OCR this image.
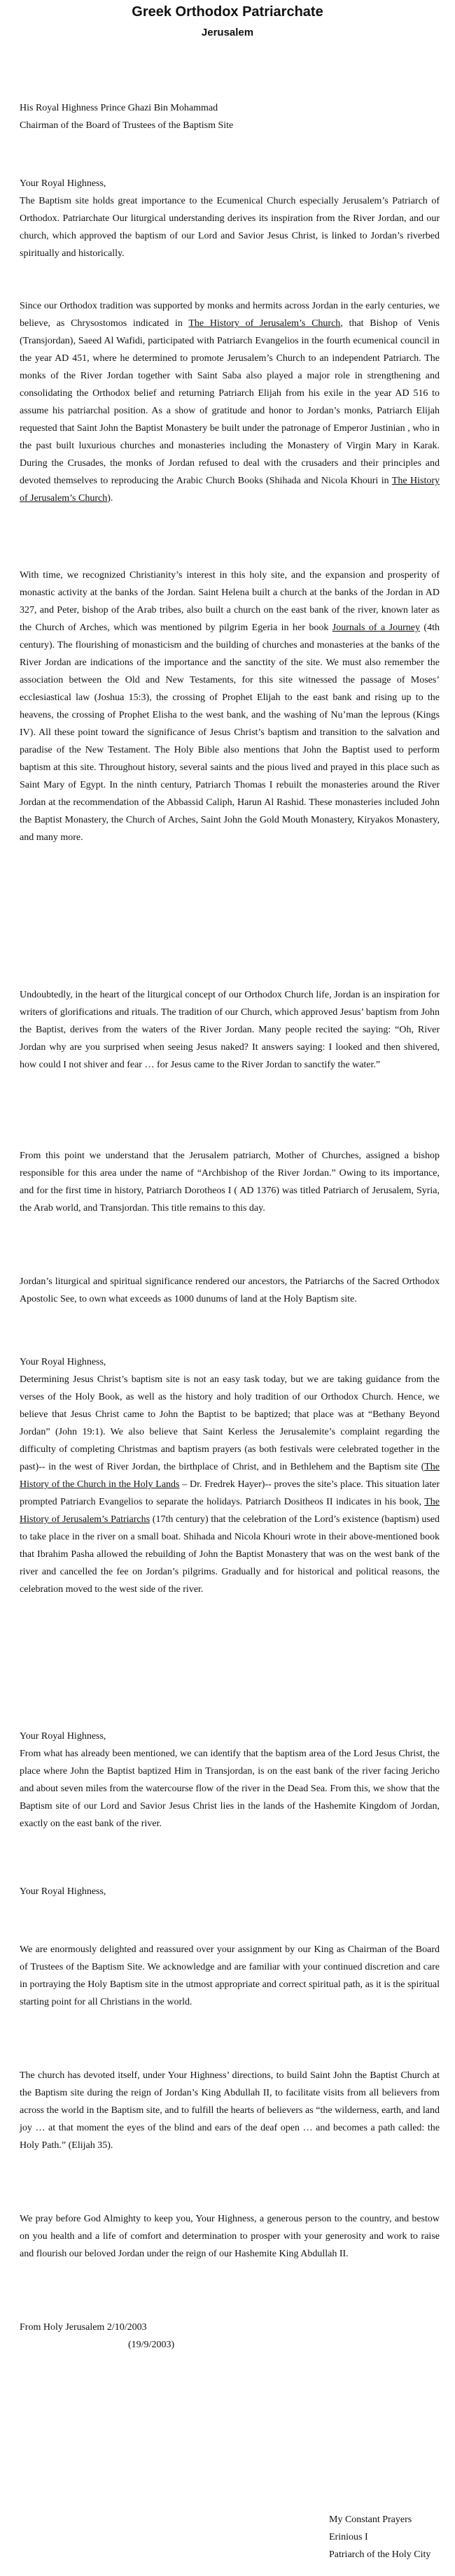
Greek Orthodox Patriarchate
Jerusalem
His Royal Highness Prince Ghazi Bin Mohammad
Chairman of the Board of Trustees of the Baptism Site
Your Royal Highness,

The Baptism site holds great importance to the Ecumenical Church especially Jerusalem’s Patriarch of Orthodox. Patriarchate Our liturgical understanding derives its inspiration from the River Jordan, and our church, which approved the baptism of our Lord and Savior Jesus Christ, is linked to Jordan’s riverbed spiritually and historically.

Since our Orthodox tradition was supported by monks and hermits across Jordan in the early centuries, we believe, as Chrysostomos indicated in The History of Jerusalem’s Church, that Bishop of Venis (Transjordan), Saeed Al Wafidi, participated with Patriarch Evangelios in the fourth ecumenical council in the year AD 451, where he determined to promote Jerusalem’s Church to an independent Patriarch. The monks of the River Jordan together with Saint Saba also played a major role in strengthening and consolidating the Orthodox belief and returning Patriarch Elijah from his exile in the year AD 516 to assume his patriarchal position. As a show of gratitude and honor to Jordan’s monks, Patriarch Elijah requested that Saint John the Baptist Monastery be built under the patronage of Emperor Justinian , who in the past built luxurious churches and monasteries including the Monastery of Virgin Mary in Karak. During the Crusades, the monks of Jordan refused to deal with the crusaders and their principles and devoted themselves to reproducing the Arabic Church Books (Shihada and Nicola Khouri in The History of Jerusalem’s Church).

With time, we recognized Christianity’s interest in this holy site, and the expansion and prosperity of monastic activity at the banks of the Jordan. Saint Helena built a church at the banks of the Jordan in AD 327, and Peter, bishop of the Arab tribes, also built a church on the east bank of the river, known later as the Church of Arches, which was mentioned by pilgrim Egeria in her book Journals of a Journey (4th century). The flourishing of monasticism and the building of churches and monasteries at the banks of the River Jordan are indications of the importance and the sanctity of the site. We must also remember the association between the Old and New Testaments, for this site witnessed the passage of Moses’ ecclesiastical law (Joshua 15:3), the crossing of Prophet Elijah to the east bank and rising up to the heavens, the crossing of Prophet Elisha to the west bank, and the washing of Nu’man the leprous (Kings IV). All these point toward the significance of Jesus Christ’s baptism and transition to the salvation and paradise of the New Testament. The Holy Bible also mentions that John the Baptist used to perform baptism at this site. Throughout history, several saints and the pious lived and prayed in this place such as Saint Mary of Egypt. In the ninth century, Patriarch Thomas I rebuilt the monasteries around the River Jordan at the recommendation of the Abbassid Caliph, Harun Al Rashid. These monasteries included John the Baptist Monastery, the Church of Arches, Saint John the Gold Mouth Monastery, Kiryakos Monastery, and many more.

Undoubtedly, in the heart of the liturgical concept of our Orthodox Church life, Jordan is an inspiration for writers of glorifications and rituals. The tradition of our Church, which approved Jesus’ baptism from John the Baptist, derives from the waters of the River Jordan. Many people recited the saying: “Oh, River Jordan why are you surprised when seeing Jesus naked? It answers saying: I looked and then shivered, how could I not shiver and fear … for Jesus came to the River Jordan to sanctify the water.”

From this point we understand that the Jerusalem patriarch, Mother of Churches, assigned a bishop responsible for this area under the name of “Archbishop of the River Jordan.” Owing to its importance, and for the first time in history, Patriarch Dorotheos I ( AD 1376) was titled Patriarch of Jerusalem, Syria, the Arab world, and Transjordan. This title remains to this day.

Jordan’s liturgical and spiritual significance rendered our ancestors, the Patriarchs of the Sacred Orthodox Apostolic See, to own what exceeds as 1000 dunums of land at the Holy Baptism site.

Your Royal Highness,

Determining Jesus Christ’s baptism site is not an easy task today, but we are taking guidance from the verses of the Holy Book, as well as the history and holy tradition of our Orthodox Church. Hence, we believe that Jesus Christ came to John the Baptist to be baptized; that place was at “Bethany Beyond Jordan” (John 19:1). We also believe that Saint Kerless the Jerusalemite’s complaint regarding the difficulty of completing Christmas and baptism prayers (as both festivals were celebrated together in the past)-- in the west of River Jordan, the birthplace of Christ, and in Bethlehem and the Baptism site (The History of the Church in the Holy Lands – Dr. Fredrek Hayer)-- proves the site’s place. This situation later prompted Patriarch Evangelios to separate the holidays. Patriarch Dositheos II indicates in his book, The History of Jerusalem’s Patriarchs (17th century) that the celebration of the Lord’s existence (baptism) used to take place in the river on a small boat. Shihada and Nicola Khouri wrote in their above-mentioned book that Ibrahim Pasha allowed the rebuilding of John the Baptist Monastery that was on the west bank of the river and cancelled the fee on Jordan’s pilgrims. Gradually and for historical and political reasons, the celebration moved to the west side of the river.

Your Royal Highness,

From what has already been mentioned, we can identify that the baptism area of the Lord Jesus Christ, the place where John the Baptist baptized Him in Transjordan, is on the east bank of the river facing Jericho and about seven miles from the watercourse flow of the river in the Dead Sea. From this, we show that the Baptism site of our Lord and Savior Jesus Christ lies in the lands of the Hashemite Kingdom of Jordan, exactly on the east bank of the river.

Your Royal Highness,

We are enormously delighted and reassured over your assignment by our King as Chairman of the Board of Trustees of the Baptism Site. We acknowledge and are familiar with your continued discretion and care in portraying the Holy Baptism site in the utmost appropriate and correct spiritual path, as it is the spiritual starting point for all Christians in the world.

The church has devoted itself, under Your Highness’ directions, to build Saint John the Baptist Church at the Baptism site during the reign of Jordan’s King Abdullah II, to facilitate visits from all believers from across the world in the Baptism site, and to fulfill the hearts of believers as “the wilderness, earth, and land joy … at that moment the eyes of the blind and ears of the deaf open … and becomes a path called: the Holy Path.” (Elijah 35).

We pray before God Almighty to keep you, Your Highness, a generous person to the country, and bestow on you health and a life of comfort and determination to prosper with your generosity and work to raise and flourish our beloved Jordan under the reign of our Hashemite King Abdullah II.

From Holy Jerusalem 2/10/2003
(19/9/2003)
My Constant Prayers
Erinious I
Patriarch of the Holy City
